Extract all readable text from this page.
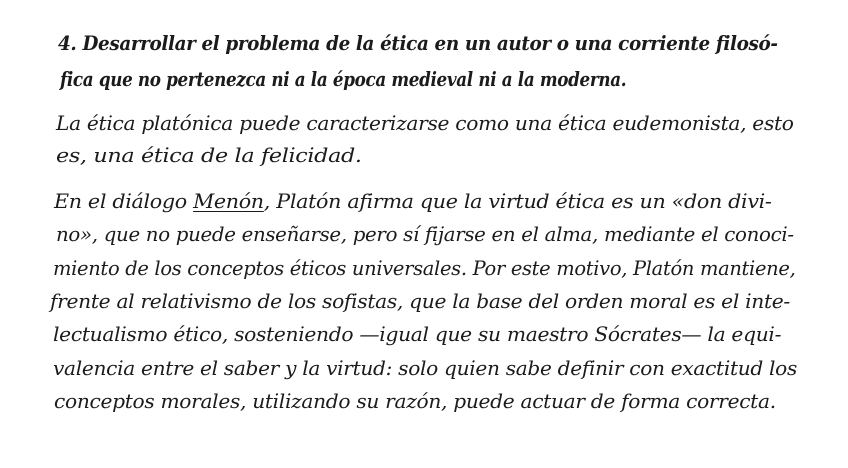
4. Desarrollar el problema de la ética en un autor o una corriente filosó-
fica que no pertenezca ni a la época medieval ni a la moderna.
La ética platónica puede caracterizarse como una ética eudemonista, esto
es, una ética de la felicidad.
En el diálogo Menón, Platón afirma que la virtud ética es un «don divi-
no», que no puede enseñarse, pero sí fijarse en el alma, mediante el conoci-
miento de los conceptos éticos universales. Por este motivo, Platón mantiene,
frente al relativismo de los sofistas, que la base del orden moral es el inte-
lectualismo ético, sosteniendo —igual que su maestro Sócrates— la equi-
valencia entre el saber y la virtud: solo quien sabe definir con exactitud los
conceptos morales, utilizando su razón, puede actuar de forma correcta.
